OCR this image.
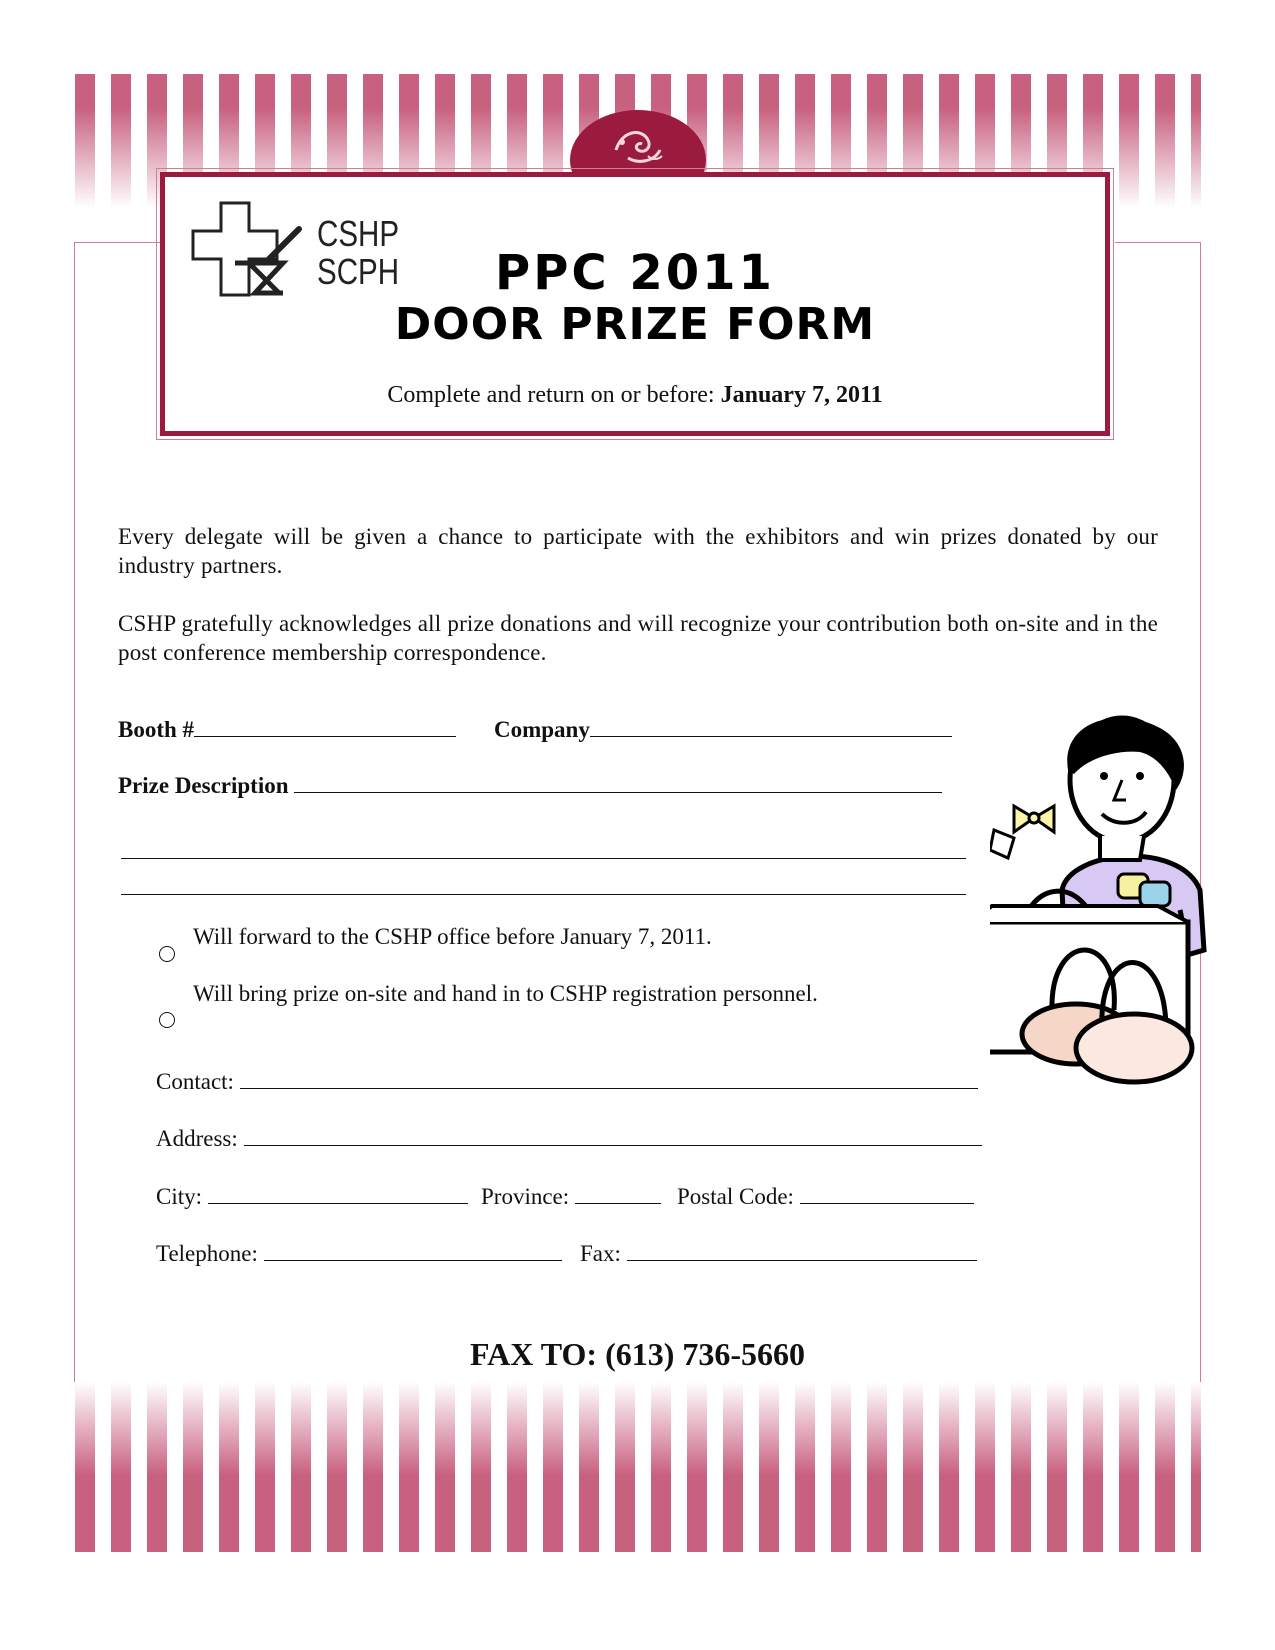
CSHP
SCPH	PPC 2011
DOOR PRIZE FORM
Complete and return on or before: January 7, 2011
Every delegate will be given a chance to participate with the exhibitors and win prizes donated by our industry partners.
CSHP gratefully acknowledges all prize donations and will recognize your contribution both on-site and in the post conference membership correspondence.
Booth #	Company
Prize Description
Will forward to the CSHP office before January 7, 2011.
Will bring prize on-site and hand in to CSHP registration personnel.
Contact:
Address:
City:	Province:	Postal Code:
Telephone:	Fax:
FAX TO: (613) 736-5660
